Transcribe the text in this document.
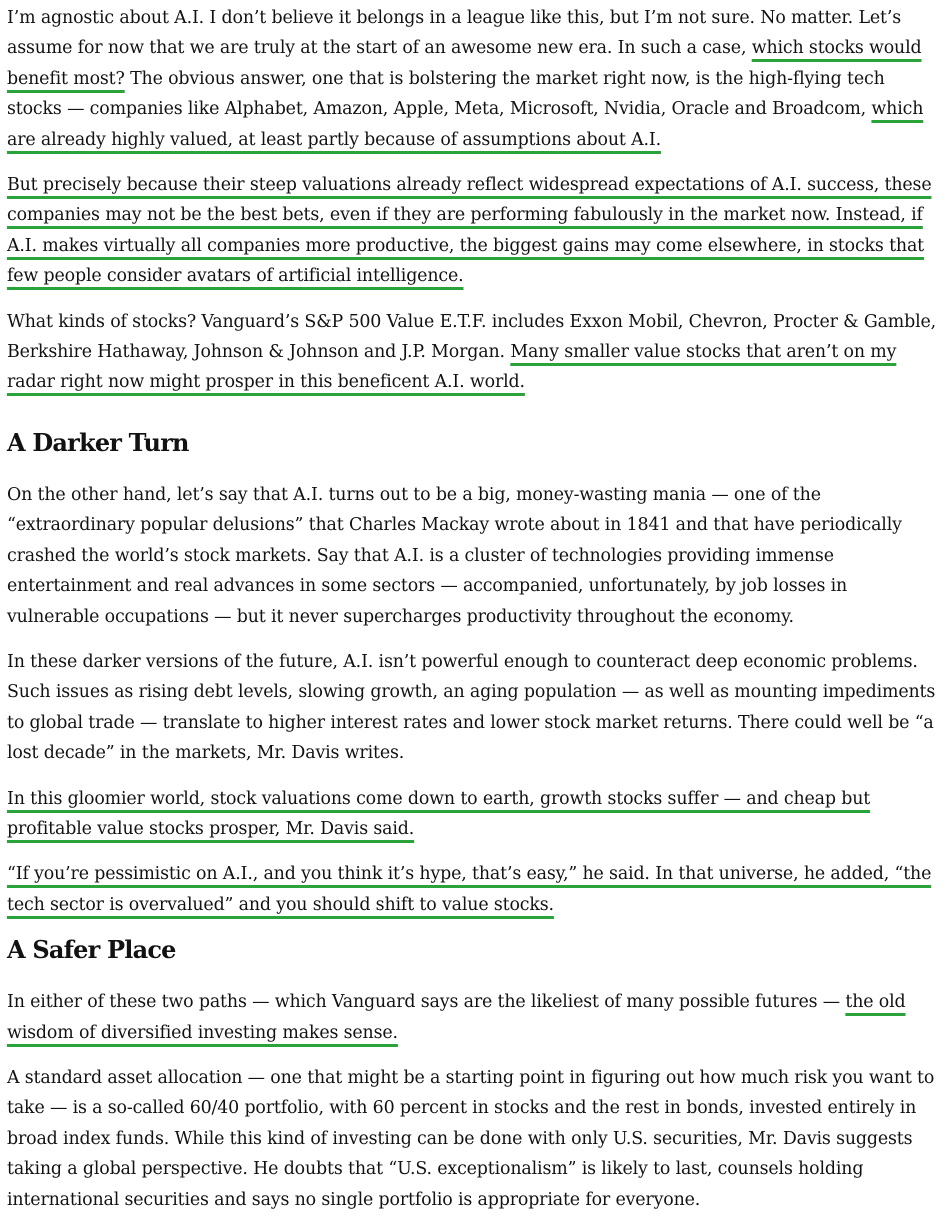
I’m agnostic about A.I. I don’t believe it belongs in a league like this, but I’m not sure. No matter. Let’s assume for now that we are truly at the start of an awesome new era. In such a case, which stocks would benefit most? The obvious answer, one that is bolstering the market right now, is the high-flying tech stocks — companies like Alphabet, Amazon, Apple, Meta, Microsoft, Nvidia, Oracle and Broadcom, which are already highly valued, at least partly because of assumptions about A.I.

But precisely because their steep valuations already reflect widespread expectations of A.I. success, these companies may not be the best bets, even if they are performing fabulously in the market now. Instead, if A.I. makes virtually all companies more productive, the biggest gains may come elsewhere, in stocks that few people consider avatars of artificial intelligence.

What kinds of stocks? Vanguard’s S&P 500 Value E.T.F. includes Exxon Mobil, Chevron, Procter & Gamble, Berkshire Hathaway, Johnson & Johnson and J.P. Morgan. Many smaller value stocks that aren’t on my radar right now might prosper in this beneficent A.I. world.

A Darker Turn

On the other hand, let’s say that A.I. turns out to be a big, money-wasting mania — one of the “extraordinary popular delusions” that Charles Mackay wrote about in 1841 and that have periodically crashed the world’s stock markets. Say that A.I. is a cluster of technologies providing immense entertainment and real advances in some sectors — accompanied, unfortunately, by job losses in vulnerable occupations — but it never supercharges productivity throughout the economy.

In these darker versions of the future, A.I. isn’t powerful enough to counteract deep economic problems. Such issues as rising debt levels, slowing growth, an aging population — as well as mounting impediments to global trade — translate to higher interest rates and lower stock market returns. There could well be “a lost decade” in the markets, Mr. Davis writes.

In this gloomier world, stock valuations come down to earth, growth stocks suffer — and cheap but profitable value stocks prosper, Mr. Davis said.

“If you’re pessimistic on A.I., and you think it’s hype, that’s easy,” he said. In that universe, he added, “the tech sector is overvalued” and you should shift to value stocks.

A Safer Place

In either of these two paths — which Vanguard says are the likeliest of many possible futures — the old wisdom of diversified investing makes sense.

A standard asset allocation — one that might be a starting point in figuring out how much risk you want to take — is a so-called 60/40 portfolio, with 60 percent in stocks and the rest in bonds, invested entirely in broad index funds. While this kind of investing can be done with only U.S. securities, Mr. Davis suggests taking a global perspective. He doubts that “U.S. exceptionalism” is likely to last, counsels holding international securities and says no single portfolio is appropriate for everyone.
